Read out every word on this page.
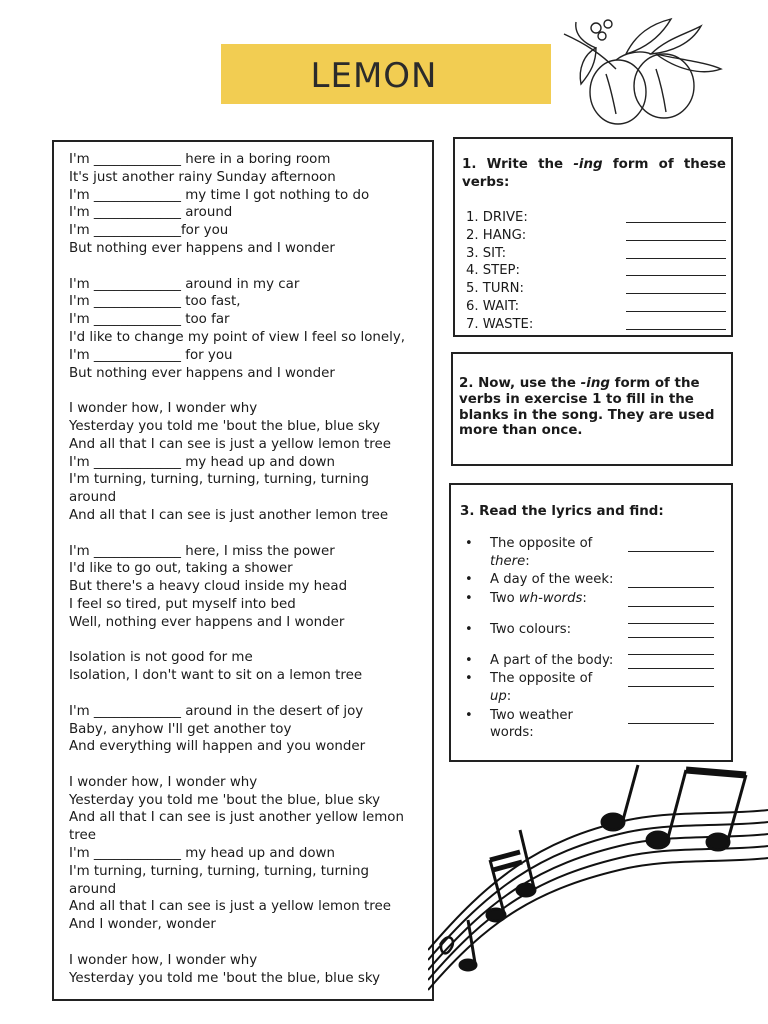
LEMON
I'm _____________ here in a boring room
It's just another rainy Sunday afternoon
I'm _____________ my time I got nothing to do
I'm _____________ around
I'm _____________for you
But nothing ever happens and I wonder
I'm _____________ around in my car
I'm _____________ too fast,
I'm _____________ too far
I'd like to change my point of view I feel so lonely,
I'm _____________ for you
But nothing ever happens and I wonder
I wonder how, I wonder why
Yesterday you told me 'bout the blue, blue sky
And all that I can see is just a yellow lemon tree
I'm _____________ my head up and down
I'm turning, turning, turning, turning, turning
around
And all that I can see is just another lemon tree
I'm _____________ here, I miss the power
I'd like to go out, taking a shower
But there's a heavy cloud inside my head
I feel so tired, put myself into bed
Well, nothing ever happens and I wonder
Isolation is not good for me
Isolation, I don't want to sit on a lemon tree
I'm _____________ around in the desert of joy
Baby, anyhow I'll get another toy
And everything will happen and you wonder
I wonder how, I wonder why
Yesterday you told me 'bout the blue, blue sky
And all that I can see is just another yellow lemon
tree
I'm _____________ my head up and down
I'm turning, turning, turning, turning, turning
around
And all that I can see is just a yellow lemon tree
And I wonder, wonder
I wonder how, I wonder why
Yesterday you told me 'bout the blue, blue sky
1. Write the -ing form of these verbs:
1. DRIVE:
2. HANG:
3. SIT:
4. STEP:
5. TURN:
6. WAIT:
7. WASTE:
2. Now, use the -ing form of the verbs in exercise 1 to fill in the blanks in the song. They are used more than once.
3. Read the lyrics and find:
•	The opposite of there:
•	A day of the week:
•	Two wh-words:
•	Two colours:
•	A part of the body:
•	The opposite of up:
•	Two weather words:
